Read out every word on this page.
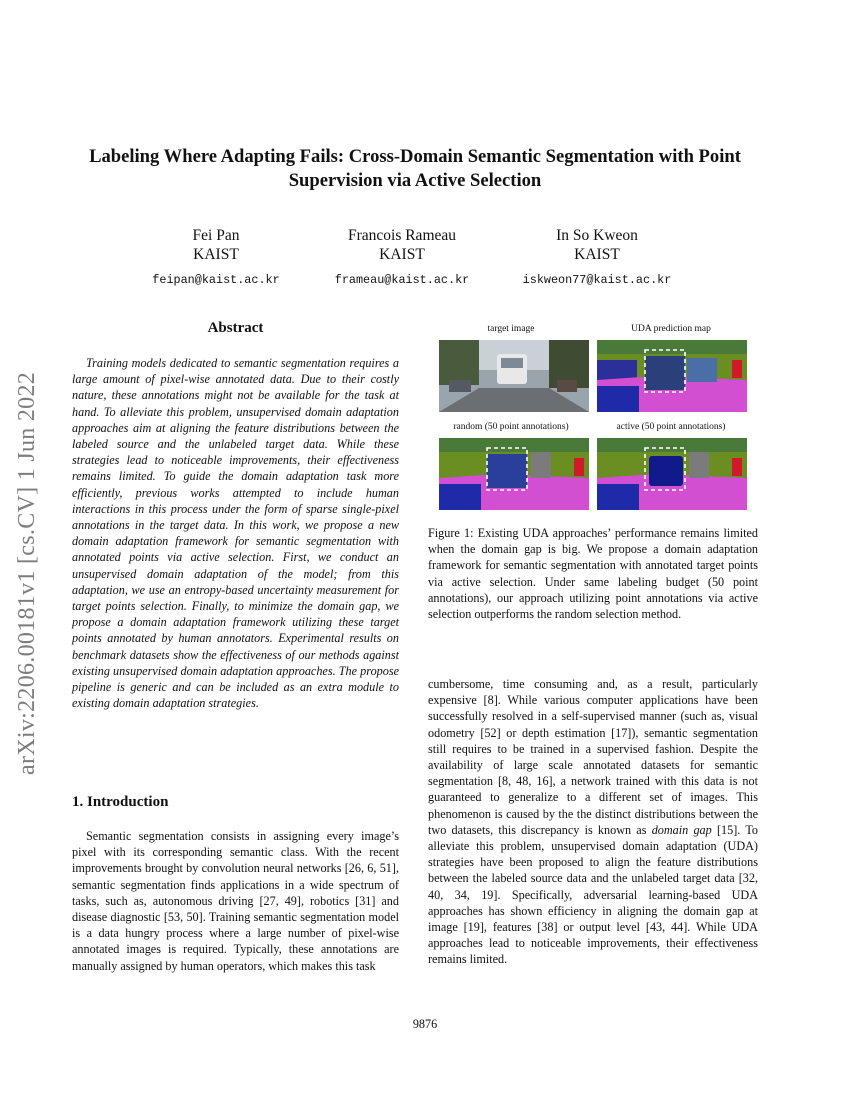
arXiv:2206.00181v1 [cs.CV] 1 Jun 2022
Labeling Where Adapting Fails: Cross-Domain Semantic Segmentation with Point Supervision via Active Selection
Fei Pan
KAIST
feipan@kaist.ac.kr
Francois Rameau
KAIST
frameau@kaist.ac.kr
In So Kweon
KAIST
iskweon77@kaist.ac.kr
Abstract
Training models dedicated to semantic segmentation requires a large amount of pixel-wise annotated data. Due to their costly nature, these annotations might not be available for the task at hand. To alleviate this problem, unsupervised domain adaptation approaches aim at aligning the feature distributions between the labeled source and the unlabeled target data. While these strategies lead to noticeable improvements, their effectiveness remains limited. To guide the domain adaptation task more efficiently, previous works attempted to include human interactions in this process under the form of sparse single-pixel annotations in the target data. In this work, we propose a new domain adaptation framework for semantic segmentation with annotated points via active selection. First, we conduct an unsupervised domain adaptation of the model; from this adaptation, we use an entropy-based uncertainty measurement for target points selection. Finally, to minimize the domain gap, we propose a domain adaptation framework utilizing these target points annotated by human annotators. Experimental results on benchmark datasets show the effectiveness of our methods against existing unsupervised domain adaptation approaches. The propose pipeline is generic and can be included as an extra module to existing domain adaptation strategies.
1. Introduction
Semantic segmentation consists in assigning every image’s pixel with its corresponding semantic class. With the recent improvements brought by convolution neural networks [26, 6, 51], semantic segmentation finds applications in a wide spectrum of tasks, such as, autonomous driving [27, 49], robotics [31] and disease diagnostic [53, 50]. Training semantic segmentation model is a data hungry process where a large number of pixel-wise annotated images is required. Typically, these annotations are manually assigned by human operators, which makes this task
target image	UDA prediction map
random (50 point annotations)	active (50 point annotations)
Figure 1: Existing UDA approaches’ performance remains limited when the domain gap is big. We propose a domain adaptation framework for semantic segmentation with annotated target points via active selection. Under same labeling budget (50 point annotations), our approach utilizing point annotations via active selection outperforms the random selection method.
cumbersome, time consuming and, as a result, particularly expensive [8]. While various computer applications have been successfully resolved in a self-supervised manner (such as, visual odometry [52] or depth estimation [17]), semantic segmentation still requires to be trained in a supervised fashion. Despite the availability of large scale annotated datasets for semantic segmentation [8, 48, 16], a network trained with this data is not guaranteed to generalize to a different set of images. This phenomenon is caused by the the distinct distributions between the two datasets, this discrepancy is known as domain gap [15]. To alleviate this problem, unsupervised domain adaptation (UDA) strategies have been proposed to align the feature distributions between the labeled source data and the unlabeled target data [32, 40, 34, 19]. Specifically, adversarial learning-based UDA approaches has shown efficiency in aligning the domain gap at image [19], features [38] or output level [43, 44]. While UDA approaches lead to noticeable improvements, their effectiveness remains limited.
9876
